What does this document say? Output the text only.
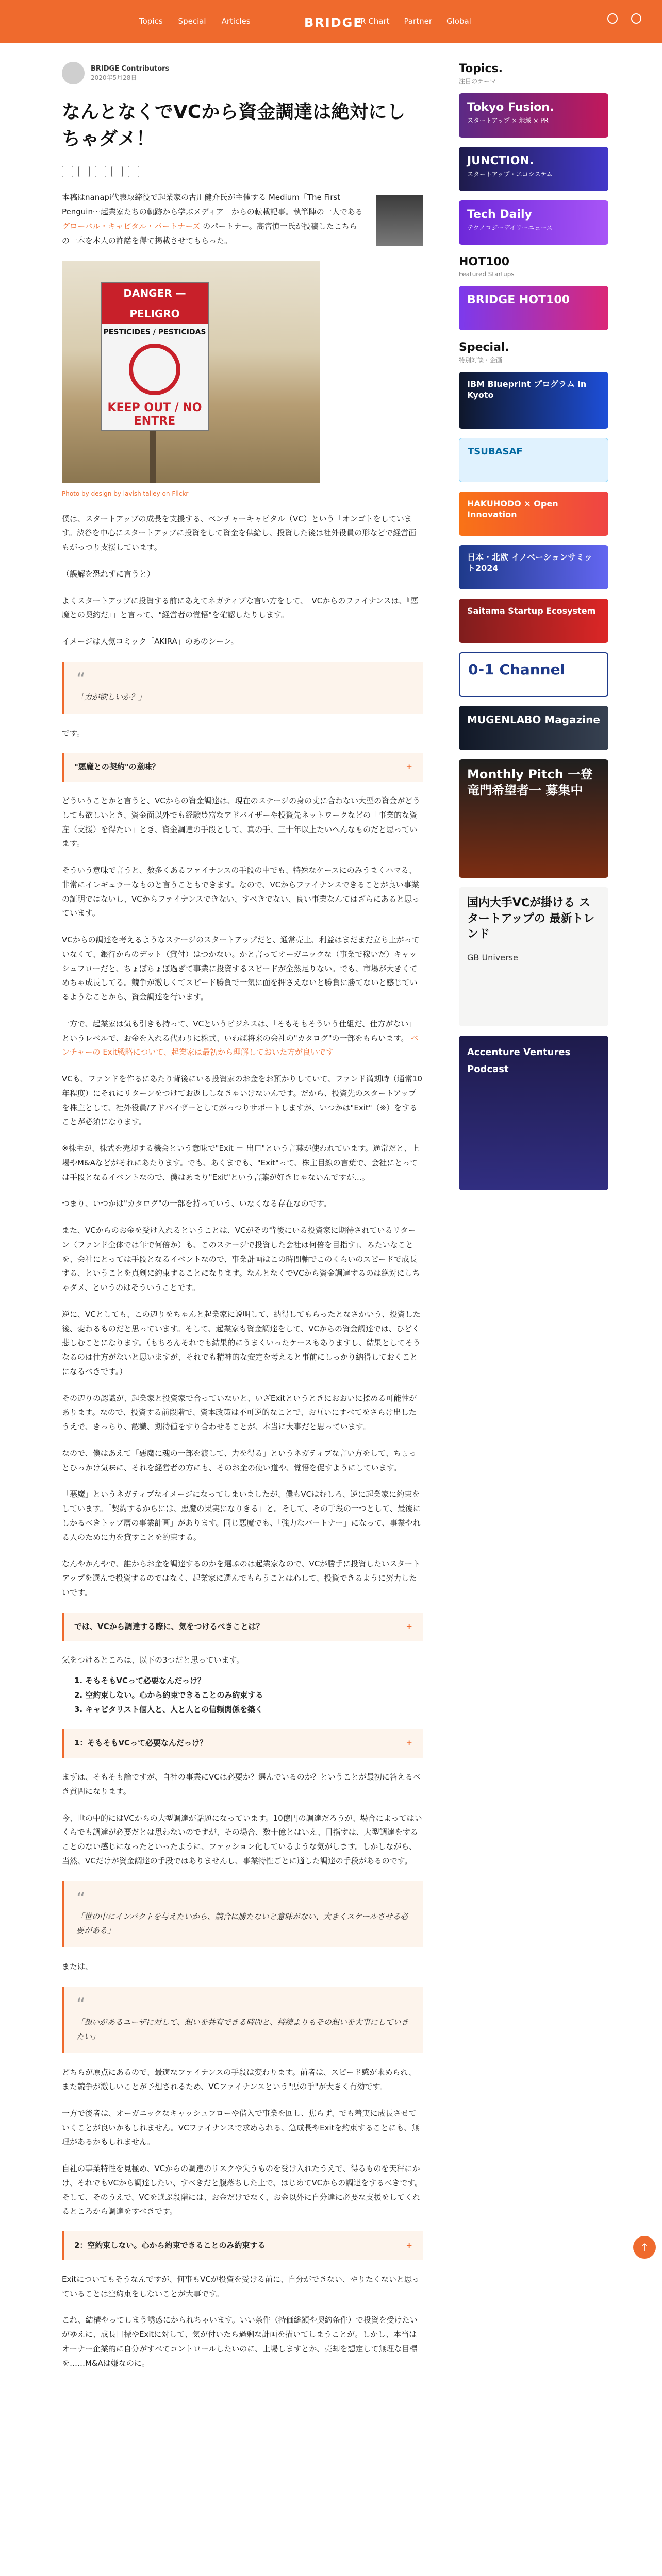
Topics Special Articles	BRIDGE
PR Chart Partner Global
BRIDGE Contributors
2020年5月28日
なんとなくでVCから資金調達は絶対にしちゃダメ！

本稿はnanapi代表取締役で起業家の古川健介氏が主催する Medium「The First Penguin〜起業家たちの軌跡から学ぶメディア」からの転載記事。執筆陣の一人である グローバル・キャピタル・パートナーズ のパートナー。高宮慎一氏が投稿したこちらの一本を本人の許諾を得て掲載させてもらった。

DANGER — PELIGRO
PESTICIDES / PESTICIDAS
KEEP OUT / NO ENTRE
Photo by design by lavish talley on Flickr

僕は、スタートアップの成長を支援する、ベンチャーキャピタル（VC）という「オンゴトをしています。渋谷を中心にスタートアップに投資をして資金を供給し、投資した後は社外役員の形などで経営面もがっつり支援しています。

（誤解を恐れずに言うと）

よくスタートアップに投資する前にあえてネガティブな言い方をして、「VCからのファイナンスは、『悪魔との契約だ』」と言って、"経営者の覚悟"を確認したりします。

イメージは人気コミック「AKIRA」のあのシーン。

“

「力が欲しいか？」

です。

"悪魔との契約"の意味？	+

どういうことかと言うと、VCからの資金調達は、現在のステージの身の丈に合わない大型の資金がどうしても欲しいとき、資金面以外でも経験豊富なアドバイザーや投資先ネットワークなどの「事業的な資産（支援）を得たい」とき、資金調達の手段として、真の手、三十年以上たいへんなものだと思っています。

そういう意味で言うと、数多くあるファイナンスの手段の中でも、特殊なケースにのみうまくハマる、非常にイレギュラーなものと言うこともできます。なので、VCからファイナンスできることが良い事業の証明ではないし、VCからファイナンスできない、すべきでない、良い事業なんてはざらにあると思っています。

VCからの調達を考えるようなステージのスタートアップだと、通常売上、利益はまだまだ立ち上がっていなくて、銀行からのデット（貸付）はつかない。かと言ってオーガニックな（事業で稼いだ）キャッシュフローだと、ちょぼちょぼ過ぎて事業に投資するスピードが全然足りない。でも、市場が大きくてめちゃ成長してる。競争が激しくてスピード勝負で一気に面を押さえないと勝負に勝てないと感じているようなことから、資金調達を行います。

一方で、起業家は気も引きも持って、VCというビジネスは、「そもそもそういう仕組だ、仕方がない」というレベルで、お金を入れる代わりに株式、いわば将来の会社の"カタログ"の一部をもらいます。 ベンチャーの Exit戦略について、起業家は最初から理解しておいた方が良いです

VCも、ファンドを作るにあたり背後にいる投資家のお金をお預かりしていて、ファンド満期時（通常10年程度）にそれにリターンをつけてお返ししなきゃいけないんです。だから、投資先のスタートアップを株主として、社外役員/アドバイザーとしてがっつりサポートしますが、いつかは"Exit"（※）をすることが必須になります。

※株主が、株式を売却する機会という意味で"Exit ＝ 出口"という言葉が使われています。通常だと、上場やM&Aなどがそれにあたります。でも、あくまでも、"Exit"って、株主目線の言葉で、会社にとっては手段となるイベントなので、僕はあまり"Exit"という言葉が好きじゃないんですが…。

つまり、いつかは"カタログ"の一部を持っていう、いなくなる存在なのです。

また、VCからのお金を受け入れるということは、VCがその背後にいる投資家に期待されているリターン（ファンド全体では年で何倍か）も、このステージで投資した会社は何倍を目指す」、みたいなことを、会社にとっては手段となるイベントなので、事業計画はこの時間軸でこのくらいのスピードで成長する、ということを真剣に約束することになります。なんとなくでVCから資金調達するのは絶対にしちゃダメ、というのはそういうことです。

逆に、VCとしても、この辺りをちゃんと起業家に説明して、納得してもらったとなさかいう、投資した後、変わるものだと思っています。そして、起業家も資金調達をして、VCからの資金調達では、ひどく悲しむことになります。（もちろんそれでも結果的にうまくいったケースもありますし、結果としてそうなるのは仕方がないと思いますが、それでも精神的な安定を考えると事前にしっかり納得しておくことになるべきです。）

その辺りの認識が、起業家と投資家で合っていないと、いざExitというときにおおいに揉める可能性があります。なので、投資する前段階で、資本政策は不可逆的なことで、お互いにすべてをさらけ出したうえで、きっちり、認識、期待値をすり合わせることが、本当に大事だと思っています。

なので、僕はあえて「悪魔に魂の一部を渡して、力を得る」というネガティブな言い方をして、ちょっとひっかけ気味に、それを経営者の方にも、そのお金の使い道や、覚悟を促すようにしています。

「悪魔」というネガティブなイメージになってしまいましたが、僕もVCはむしろ、逆に起業家に約束をしています。「契約するからには、悪魔の果実になりきる」と。そして、その手段の一つとして、最後にしかるべきトップ層の事業計画」があります。同じ悪魔でも、「強力なパートナー」になって、事業やれる人のために力を貸すことを約束する。

なんやかんやで、誰からお金を調達するのかを選ぶのは起業家なので、VCが勝手に投資したいスタートアップを選んで投資するのではなく、起業家に選んでもらうことは心して、投資できるように努力したいです。

では、VCから調達する際に、気をつけるべきことは？	+

気をつけるところは、以下の3つだと思っています。

1. そもそもVCって必要なんだっけ？
2. 空約束しない。心から約束できることのみ約束する
3. キャピタリスト個人と、人と人との信頼関係を築く
1：そもそもVCって必要なんだっけ？	+

まずは、そもそも論ですが、自社の事業にVCは必要か？選んでいるのか？ということが最初に答えるべき質問になります。

今、世の中的にはVCからの大型調達が話題になっています。10億円の調達だろうが、場合によってはいくらでも調達が必要だとは思わないのですが、その場合、数十億とはいえ、目指すは、大型調達をすることのない感じになったといったように、ファッション化しているような気がします。しかしながら、当然、VCだけが資金調達の手段ではありませんし、事業特性ごとに適した調達の手段があるのです。

“

「世の中にインパクトを与えたいから、競合に勝たないと意味がない、大きくスケールさせる必要がある」

または、

“

「想いがあるユーザに対して、想いを共有できる時間と、持続よりもその想いを大事にしていきたい」

どちらが原点にあるので、最適なファイナンスの手段は変わります。前者は、スピード感が求められ、また競争が激しいことが予想されるため、VCファイナンスという"悪の手"が大きく有効です。

一方で後者は、オーガニックなキャッシュフローや借入で事業を回し、焦らず、でも着実に成長させていくことが良いかもしれません。VCファイナンスで求められる、急成長やExitを約束することにも、無理があるかもしれません。

自社の事業特性を見極め、VCからの調達のリスクや失うものを受け入れたうえで、得るものを天秤にかけ、それでもVCから調達したい、すべきだと腹落ちした上で、はじめてVCからの調達をするべきです。そして、そのうえで、VCを選ぶ段階には、お金だけでなく、お金以外に自分達に必要な支援をしてくれるところから調達をすべきです。

2：空約束しない。心から約束できることのみ約束する	+

Exitについてもそうなんですが、何事もVCが投資を受ける前に、自分ができない、やりたくないと思っていることは空約束をしないことが大事です。

これ、結構やってしまう誘惑にかられちゃいます。いい条件（特価総額や契約条件）で投資を受けたいがゆえに、成長目標やExitに対して、気が付いたら過剰な計画を描いてしまうことが。しかし、本当はオーナー企業的に自分がすべてコントロールしたいのに、上場しますとか、売却を想定して無理な目標を……M&Aは嫌なのに。

Topics.
注目のテーマ
Tokyo Fusion.
スタートアップ × 地域 × PR
JUNCTION.
スタートアップ・エコシステム
Tech Daily
テクノロジーデイリーニュース
HOT100
Featured Startups
BRIDGE HOT100
Special.
特別対談・企画
IBM Blueprint プログラム in Kyoto
TSUBASAF
HAKUHODO × Open Innovation
日本・北欧 イノベーションサミット2024
Saitama Startup Ecosystem
0-1 Channel
MUGENLABO Magazine
Monthly Pitch 一登竜門希望者一 募集中
国内大手VCが掛ける スタートアップの 最新トレンド
GB Universe
Accenture Ventures Podcast
↑
